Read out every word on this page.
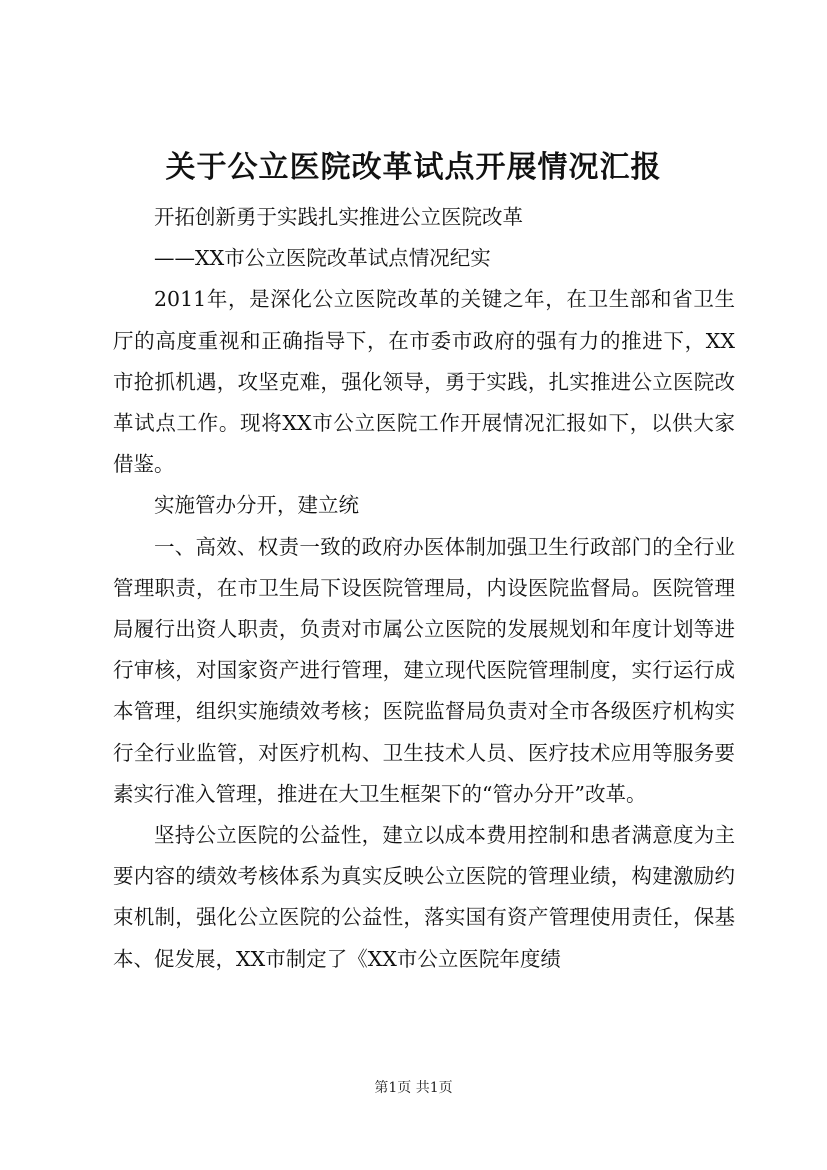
关于公立医院改革试点开展情况汇报

开拓创新勇于实践扎实推进公立医院改革

——XX市公立医院改革试点情况纪实

2011年，是深化公立医院改革的关键之年，在卫生部和省卫生厅的高度重视和正确指导下，在市委市政府的强有力的推进下，XX市抢抓机遇，攻坚克难，强化领导，勇于实践，扎实推进公立医院改革试点工作。现将XX市公立医院工作开展情况汇报如下，以供大家借鉴。

实施管办分开，建立统

一、高效、权责一致的政府办医体制加强卫生行政部门的全行业管理职责，在市卫生局下设医院管理局，内设医院监督局。医院管理局履行出资人职责，负责对市属公立医院的发展规划和年度计划等进行审核，对国家资产进行管理，建立现代医院管理制度，实行运行成本管理，组织实施绩效考核；医院监督局负责对全市各级医疗机构实行全行业监管，对医疗机构、卫生技术人员、医疗技术应用等服务要素实行准入管理，推进在大卫生框架下的“管办分开”改革。

坚持公立医院的公益性，建立以成本费用控制和患者满意度为主要内容的绩效考核体系为真实反映公立医院的管理业绩，构建激励约束机制，强化公立医院的公益性，落实国有资产管理使用责任，保基本、促发展，XX市制定了《XX市公立医院年度绩

第1页 共1页
